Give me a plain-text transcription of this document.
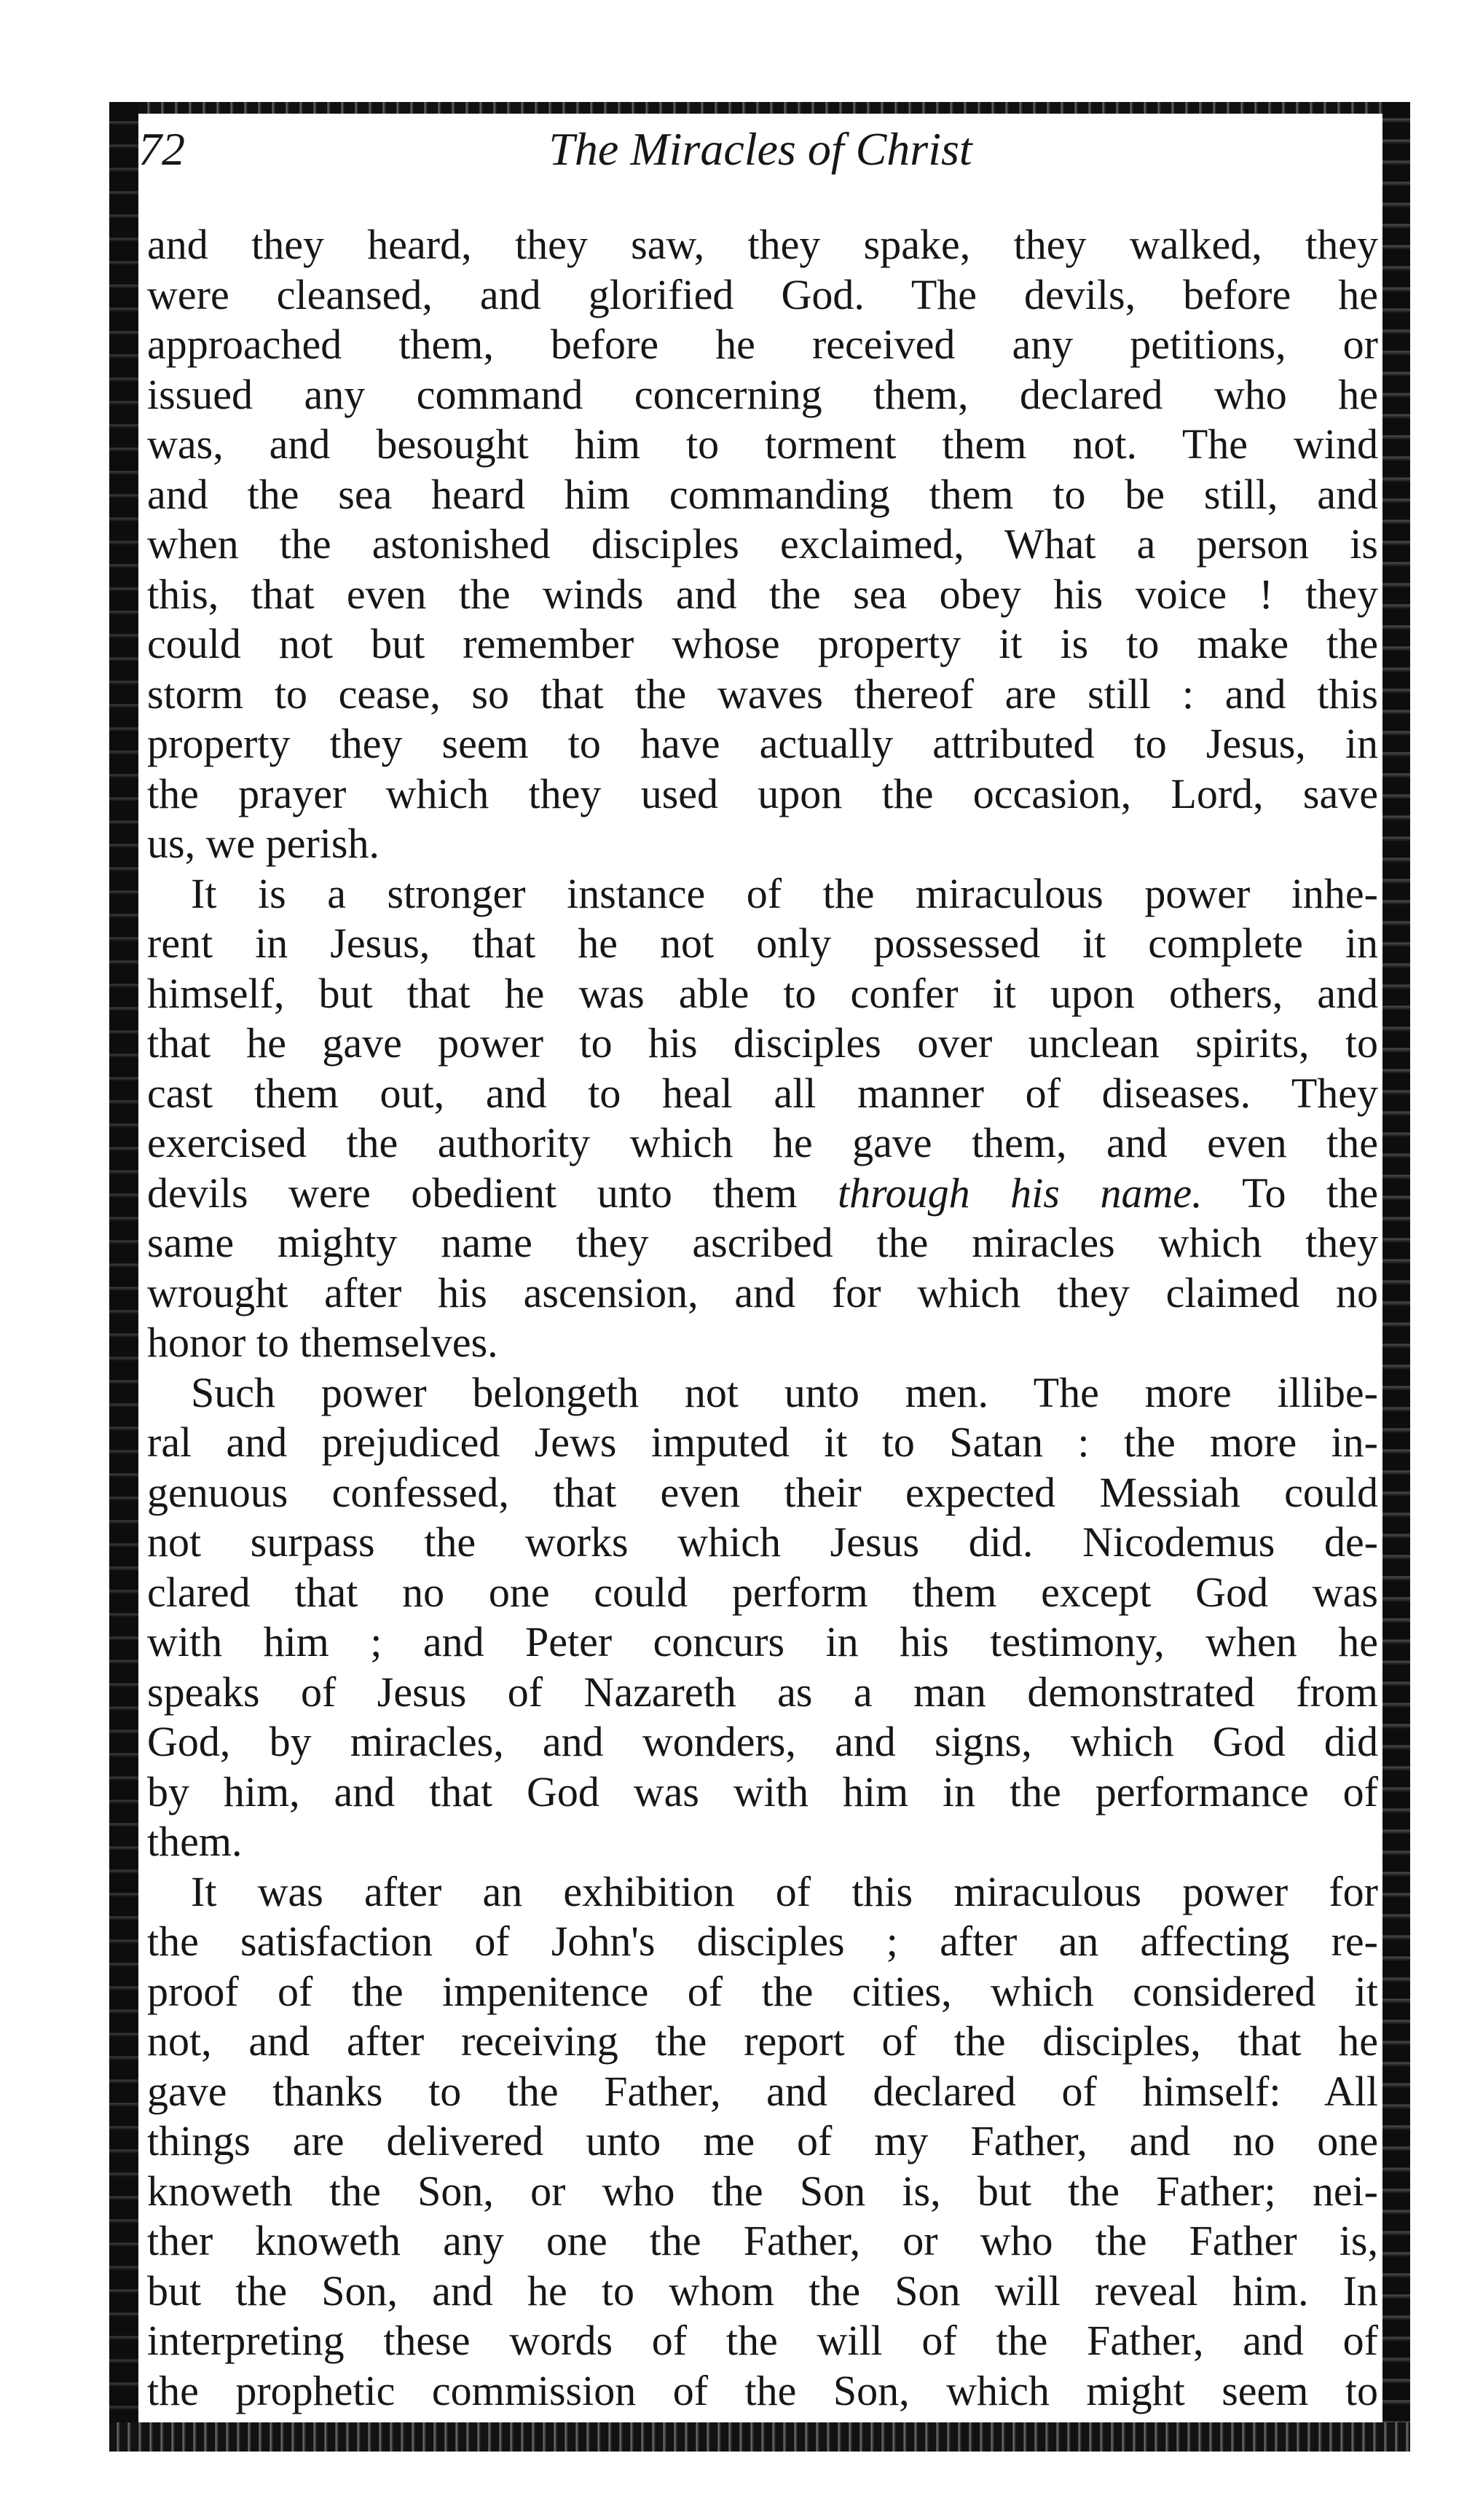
72	The Miracles of Christ
and they heard, they saw, they spake, they walked, they
were cleansed, and glorified God. The devils, before he
approached them, before he received any petitions, or
issued any command concerning them, declared who he
was, and besought him to torment them not. The wind
and the sea heard him commanding them to be still, and
when the astonished disciples exclaimed, What a person is
this, that even the winds and the sea obey his voice ! they
could not but remember whose property it is to make the
storm to cease, so that the waves thereof are still : and this
property they seem to have actually attributed to Jesus, in
the prayer which they used upon the occasion, Lord, save
us, we perish.
It is a stronger instance of the miraculous power inhe-
rent in Jesus, that he not only possessed it complete in
himself, but that he was able to confer it upon others, and
that he gave power to his disciples over unclean spirits, to
cast them out, and to heal all manner of diseases. They
exercised the authority which he gave them, and even the
devils were obedient unto them through his name. To the
same mighty name they ascribed the miracles which they
wrought after his ascension, and for which they claimed no
honor to themselves.
Such power belongeth not unto men. The more illibe-
ral and prejudiced Jews imputed it to Satan : the more in-
genuous confessed, that even their expected Messiah could
not surpass the works which Jesus did. Nicodemus de-
clared that no one could perform them except God was
with him ; and Peter concurs in his testimony, when he
speaks of Jesus of Nazareth as a man demonstrated from
God, by miracles, and wonders, and signs, which God did
by him, and that God was with him in the performance of
them.
It was after an exhibition of this miraculous power for
the satisfaction of John's disciples ; after an affecting re-
proof of the impenitence of the cities, which considered it
not, and after receiving the report of the disciples, that he
gave thanks to the Father, and declared of himself: All
things are delivered unto me of my Father, and no one
knoweth the Son, or who the Son is, but the Father; nei-
ther knoweth any one the Father, or who the Father is,
but the Son, and he to whom the Son will reveal him. In
interpreting these words of the will of the Father, and of
the prophetic commission of the Son, which might seem to
